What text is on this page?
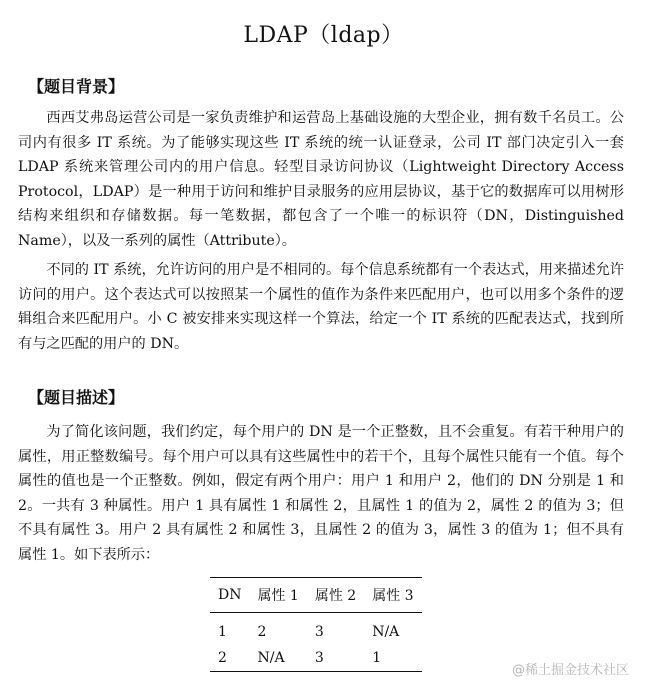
LDAP（ldap）
【题目背景】
西西艾弗岛运营公司是一家负责维护和运营岛上基础设施的大型企业，拥有数千名员工。公司内有很多 IT 系统。为了能够实现这些 IT 系统的统一认证登录，公司 IT 部门决定引入一套 LDAP 系统来管理公司内的用户信息。轻型目录访问协议（Lightweight Directory Access Protocol，LDAP）是一种用于访问和维护目录服务的应用层协议，基于它的数据库可以用树形结构来组织和存储数据。每一笔数据，都包含了一个唯一的标识符（DN，Distinguished Name），以及一系列的属性（Attribute）。
不同的 IT 系统，允许访问的用户是不相同的。每个信息系统都有一个表达式，用来描述允许访问的用户。这个表达式可以按照某一个属性的值作为条件来匹配用户，也可以用多个条件的逻辑组合来匹配用户。小 C 被安排来实现这样一个算法，给定一个 IT 系统的匹配表达式，找到所有与之匹配的用户的 DN。
【题目描述】
为了简化该问题，我们约定，每个用户的 DN 是一个正整数，且不会重复。有若干种用户的属性，用正整数编号。每个用户可以具有这些属性中的若干个，且每个属性只能有一个值。每个属性的值也是一个正整数。例如，假定有两个用户：用户 1 和用户 2，他们的 DN 分别是 1 和 2。一共有 3 种属性。用户 1 具有属性 1 和属性 2，且属性 1 的值为 2，属性 2 的值为 3；但不具有属性 3。用户 2 具有属性 2 和属性 3，且属性 2 的值为 3，属性 3 的值为 1；但不具有属性 1。如下表所示：
DN	属性 1	属性 2	属性 3
1	2	3	N/A
2	N/A	3	1
@稀土掘金技术社区
